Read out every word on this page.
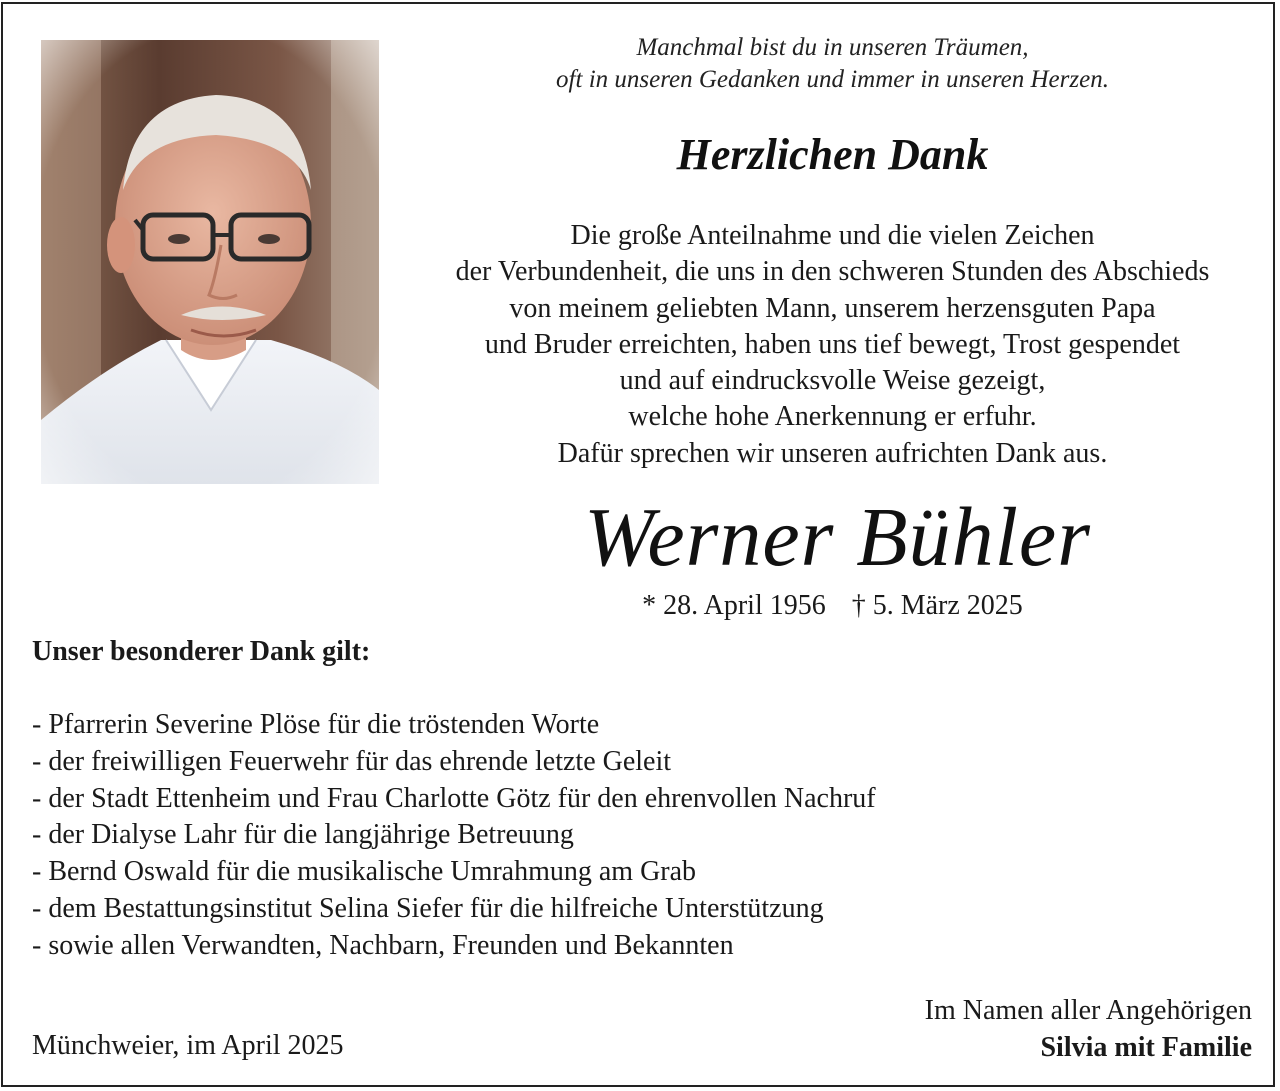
Manchmal bist du in unseren Träumen,
oft in unseren Gedanken und immer in unseren Herzen.
Herzlichen Dank
Die große Anteilnahme und die vielen Zeichen
der Verbundenheit, die uns in den schweren Stunden des Abschieds
von meinem geliebten Mann, unserem herzensguten Papa
und Bruder erreichten, haben uns tief bewegt, Trost gespendet
und auf eindrucksvolle Weise gezeigt,
welche hohe Anerkennung er erfuhr.
Dafür sprechen wir unseren aufrichten Dank aus.
Werner Bühler
* 28. April 1956 † 5. März 2025
Unser besonderer Dank gilt:
- Pfarrerin Severine Plöse für die tröstenden Worte
- der freiwilligen Feuerwehr für das ehrende letzte Geleit
- der Stadt Ettenheim und Frau Charlotte Götz für den ehrenvollen Nachruf
- der Dialyse Lahr für die langjährige Betreuung
- Bernd Oswald für die musikalische Umrahmung am Grab
- dem Bestattungsinstitut Selina Siefer für die hilfreiche Unterstützung
- sowie allen Verwandten, Nachbarn, Freunden und Bekannten
Münchweier, im April 2025
Im Namen aller Angehörigen
Silvia mit Familie
